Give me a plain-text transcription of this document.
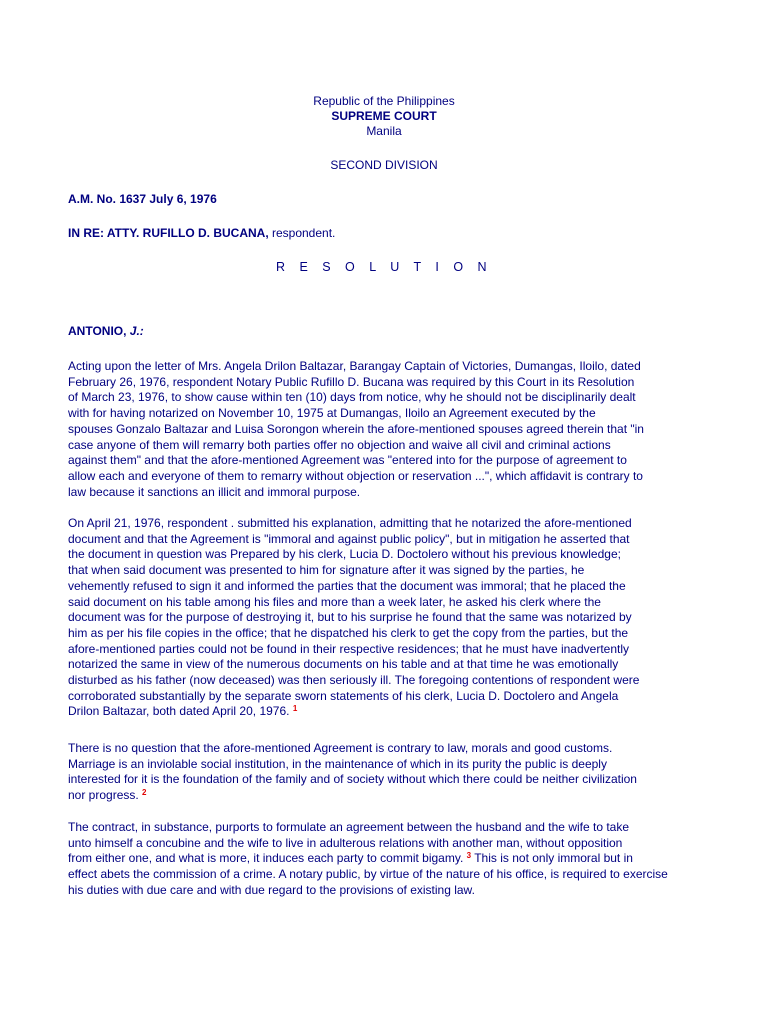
Republic of the Philippines
SUPREME COURT
Manila
SECOND DIVISION
A.M. No. 1637 July 6, 1976
IN RE: ATTY. RUFILLO D. BUCANA, respondent.
R E S O L U T I O N
ANTONIO, J.:
Acting upon the letter of Mrs. Angela Drilon Baltazar, Barangay Captain of Victories, Dumangas, Iloilo, dated
February 26, 1976, respondent Notary Public Rufillo D. Bucana was required by this Court in its Resolution
of March 23, 1976, to show cause within ten (10) days from notice, why he should not be disciplinarily dealt
with for having notarized on November 10, 1975 at Dumangas, Iloilo an Agreement executed by the
spouses Gonzalo Baltazar and Luisa Sorongon wherein the afore-mentioned spouses agreed therein that "in
case anyone of them will remarry both parties offer no objection and waive all civil and criminal actions
against them" and that the afore-mentioned Agreement was "entered into for the purpose of agreement to
allow each and everyone of them to remarry without objection or reservation ...", which affidavit is contrary to
law because it sanctions an illicit and immoral purpose.
On April 21, 1976, respondent . submitted his explanation, admitting that he notarized the afore-mentioned
document and that the Agreement is "immoral and against public policy", but in mitigation he asserted that
the document in question was Prepared by his clerk, Lucia D. Doctolero without his previous knowledge;
that when said document was presented to him for signature after it was signed by the parties, he
vehemently refused to sign it and informed the parties that the document was immoral; that he placed the
said document on his table among his files and more than a week later, he asked his clerk where the
document was for the purpose of destroying it, but to his surprise he found that the same was notarized by
him as per his file copies in the office; that he dispatched his clerk to get the copy from the parties, but the
afore-mentioned parties could not be found in their respective residences; that he must have inadvertently
notarized the same in view of the numerous documents on his table and at that time he was emotionally
disturbed as his father (now deceased) was then seriously ill. The foregoing contentions of respondent were
corroborated substantially by the separate sworn statements of his clerk, Lucia D. Doctolero and Angela
Drilon Baltazar, both dated April 20, 1976. $^1$
There is no question that the afore-mentioned Agreement is contrary to law, morals and good customs.
Marriage is an inviolable social institution, in the maintenance of which in its purity the public is deeply
interested for it is the foundation of the family and of society without which there could be neither civilization
nor progress. $^2$
The contract, in substance, purports to formulate an agreement between the husband and the wife to take
unto himself a concubine and the wife to live in adulterous relations with another man, without opposition
from either one, and what is more, it induces each party to commit bigamy. $^3$ This is not only immoral but in
effect abets the commission of a crime. A notary public, by virtue of the nature of his office, is required to exercise
his duties with due care and with due regard to the provisions of existing law.
